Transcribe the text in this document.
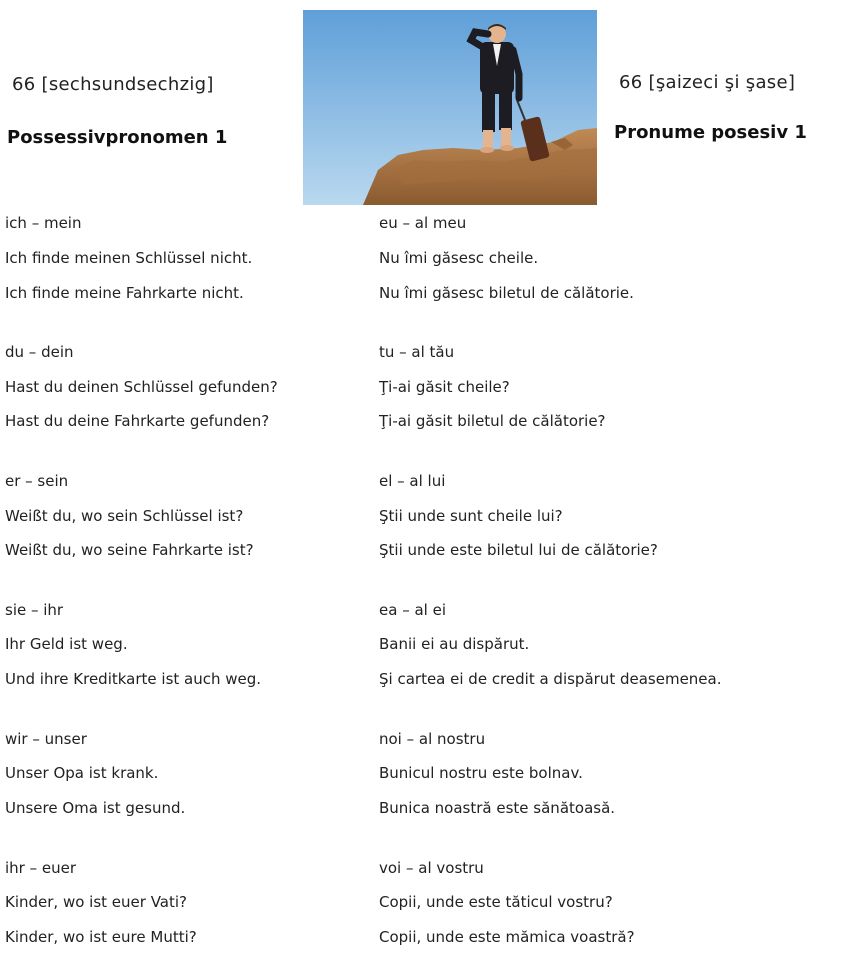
66 [sechsundsechzig]
Possessivpronomen 1
66 [şaizeci şi şase]
Pronume posesiv 1
ich – mein	eu – al meu
Ich finde meinen Schlüssel nicht.	Nu îmi găsesc cheile.
Ich finde meine Fahrkarte nicht.	Nu îmi găsesc biletul de călătorie.
du – dein	tu – al tău
Hast du deinen Schlüssel gefunden?	Ţi-ai găsit cheile?
Hast du deine Fahrkarte gefunden?	Ţi-ai găsit biletul de călătorie?
er – sein	el – al lui
Weißt du, wo sein Schlüssel ist?	Ştii unde sunt cheile lui?
Weißt du, wo seine Fahrkarte ist?	Ştii unde este biletul lui de călătorie?
sie – ihr	ea – al ei
Ihr Geld ist weg.	Banii ei au dispărut.
Und ihre Kreditkarte ist auch weg.	Şi cartea ei de credit a dispărut deasemenea.
wir – unser	noi – al nostru
Unser Opa ist krank.	Bunicul nostru este bolnav.
Unsere Oma ist gesund.	Bunica noastră este sănătoasă.
ihr – euer	voi – al vostru
Kinder, wo ist euer Vati?	Copii, unde este tăticul vostru?
Kinder, wo ist eure Mutti?	Copii, unde este mămica voastră?
